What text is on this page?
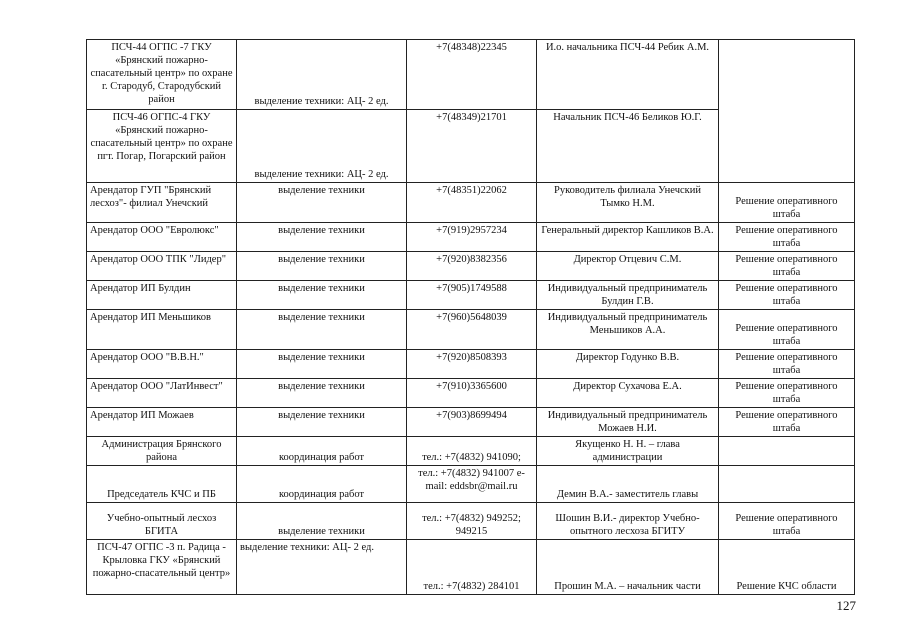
ПСЧ-44 ОГПС -7 ГКУ «Брянский пожарно-спасательный центр» по охране г. Стародуб, Стародубский район	выделение техники: АЦ- 2 ед.	+7(48348)22345	И.о. начальника ПСЧ-44 Ребик А.М.	
ПСЧ-46 ОГПС-4 ГКУ «Брянский пожарно-спасательный центр» по охране пгт. Погар, Погарский район	выделение техники: АЦ- 2 ед.	+7(48349)21701	Начальник ПСЧ-46 Беликов Ю.Г.	
Арендатор ГУП "Брянский лесхоз"- филиал Унечский	выделение техники	+7(48351)22062	Руководитель филиала Унечский Тымко Н.М.	Решение оперативного штаба
Арендатор ООО "Евролюкс"	выделение техники	+7(919)2957234	Генеральный директор Кашликов В.А.	Решение оперативного штаба
Арендатор ООО ТПК "Лидер"	выделение техники	+7(920)8382356	Директор Отцевич С.М.	Решение оперативного штаба
Арендатор ИП Булдин	выделение техники	+7(905)1749588	Индивидуальный предприниматель Булдин Г.В.	Решение оперативного штаба
Арендатор ИП Меньшиков	выделение техники	+7(960)5648039	Индивидуальный предприниматель Меньшиков А.А.	Решение оперативного штаба
Арендатор ООО "В.В.Н."	выделение техники	+7(920)8508393	Директор Годунко В.В.	Решение оперативного штаба
Арендатор ООО "ЛатИнвест"	выделение техники	+7(910)3365600	Директор Сухачова Е.А.	Решение оперативного штаба
Арендатор ИП Можаев	выделение техники	+7(903)8699494	Индивидуальный предприниматель Можаев Н.И.	Решение оперативного штаба
Администрация Брянского района	координация работ	тел.: +7(4832) 941090;	Якущенко Н. Н. – глава администрации	
Председатель КЧС и ПБ	координация работ	тел.: +7(4832) 941007 e-mail: eddsbr@mail.ru	Демин В.А.- заместитель главы	
Учебно-опытный лесхоз БГИТА	выделение техники	тел.: +7(4832) 949252; 949215	Шошин В.И.- директор Учебно-опытного лесхоза БГИТУ	Решение оперативного штаба
ПСЧ-47 ОГПС -3 п. Радица - Крыловка ГКУ «Брянский пожарно-спасательный центр»	выделение техники: АЦ- 2 ед.	тел.: +7(4832) 284101	Прошин М.А. – начальник части	Решение КЧС области
127
